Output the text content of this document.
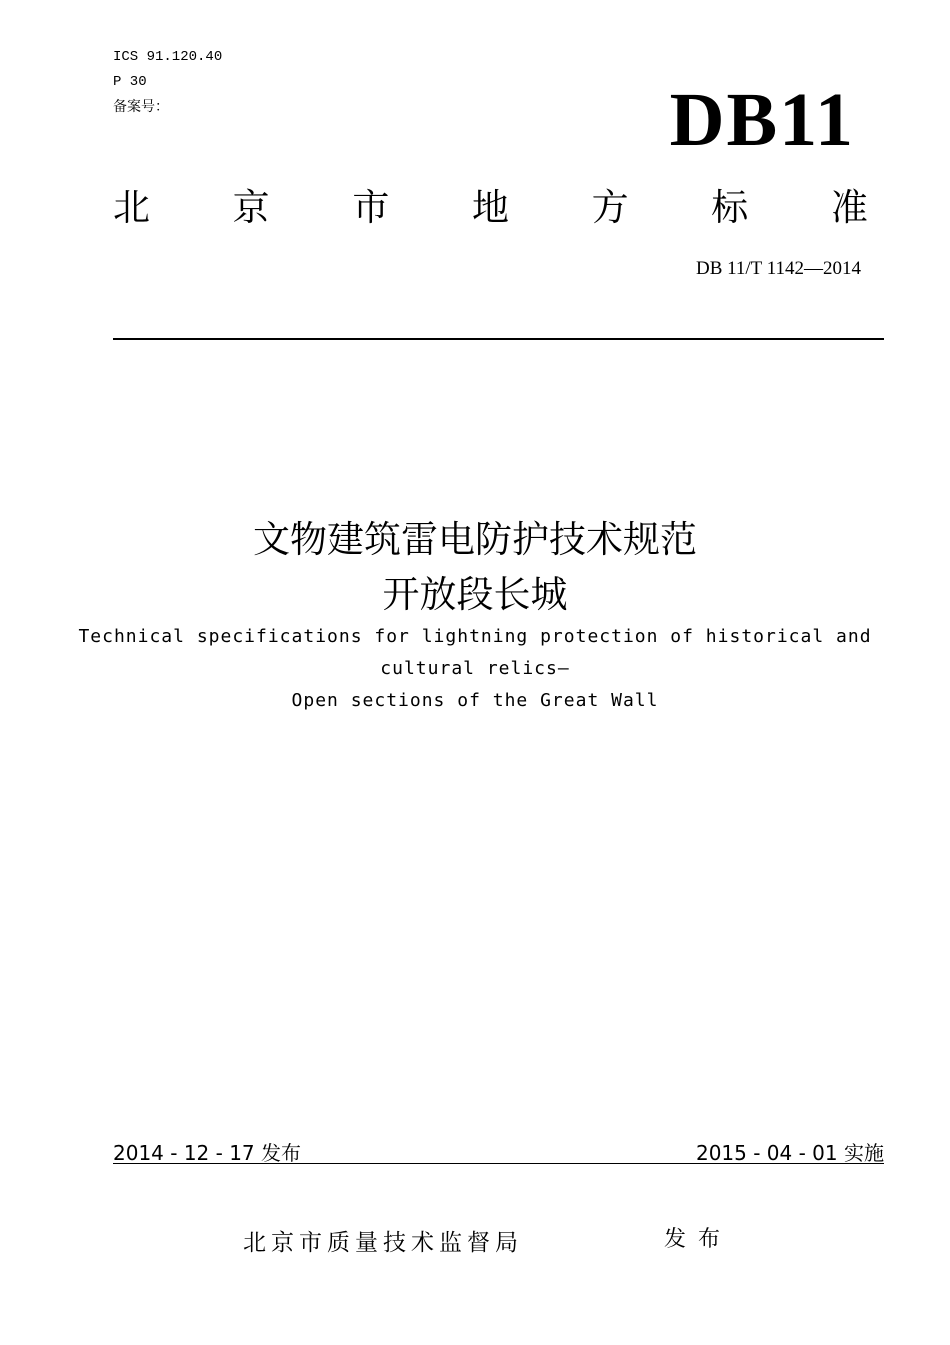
ICS 91.120.40
P 30
备案号：	DB11
北 京 市 地 方 标 准
DB 11/T 1142—2014
文物建筑雷电防护技术规范
开放段长城
Technical specifications for lightning protection of historical and
cultural relics—
Open sections of the Great Wall
2014 - 12 - 17 发布	2015 - 04 - 01 实施
北京市质量技术监督局	发布
